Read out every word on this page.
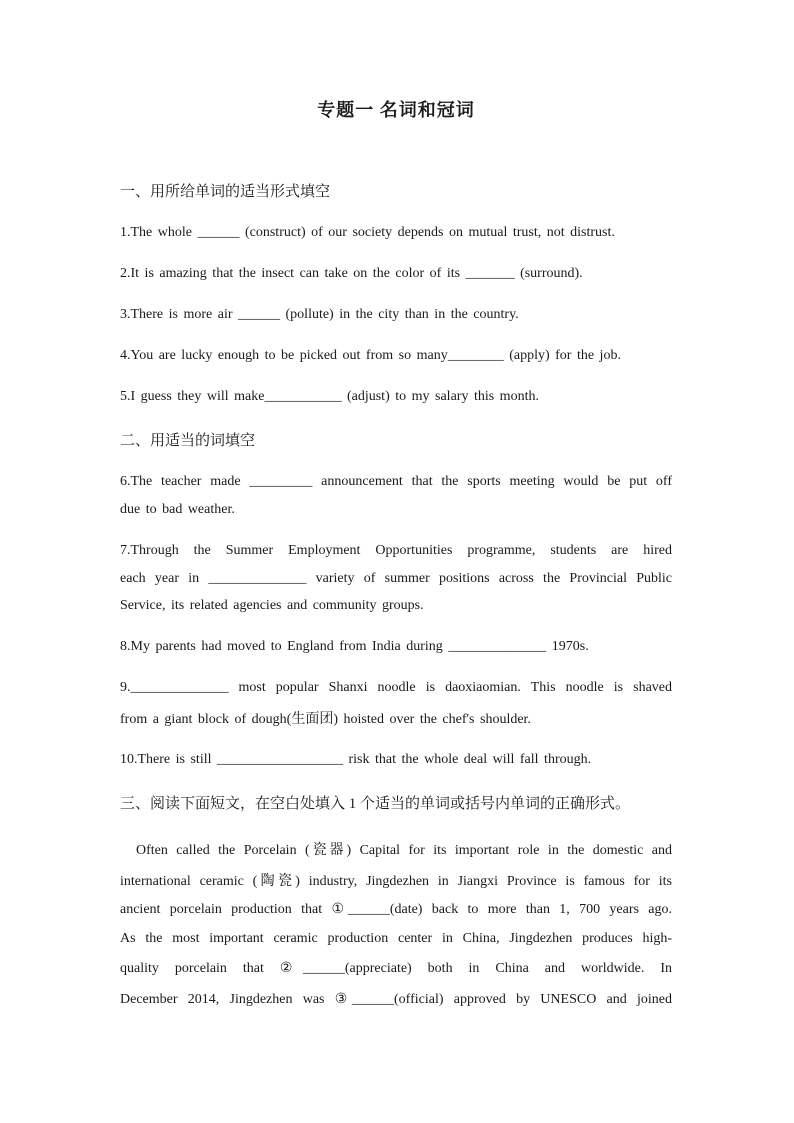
专题一 名词和冠词
一、用所给单词的适当形式填空
1.The whole ______ (construct) of our society depends on mutual trust, not distrust.
2.It is amazing that the insect can take on the color of its _______ (surround).
3.There is more air ______ (pollute) in the city than in the country.
4.You are lucky enough to be picked out from so many________ (apply) for the job.
5.I guess they will make___________ (adjust) to my salary this month.
二、用适当的词填空
6.The teacher made _________ announcement that the sports meeting would be put off
due to bad weather.
7.Through the Summer Employment Opportunities programme, students are hired
each year in ______________ variety of summer positions across the Provincial Public
Service, its related agencies and community groups.
8.My parents had moved to England from India during ______________ 1970s.
9.______________ most popular Shanxi noodle is daoxiaomian. This noodle is shaved
from a giant block of dough(生面团) hoisted over the chef's shoulder.
10.There is still __________________ risk that the whole deal will fall through.
三、阅读下面短文，在空白处填入 1 个适当的单词或括号内单词的正确形式。
Often called the Porcelain (瓷器) Capital for its important role in the domestic and
international ceramic (陶瓷) industry, Jingdezhen in Jiangxi Province is famous for its
ancient porcelain production that ①______(date) back to more than 1, 700 years ago.
As the most important ceramic production center in China, Jingdezhen produces high-
quality porcelain that ②______(appreciate) both in China and worldwide. In
December 2014, Jingdezhen was ③______(official) approved by UNESCO and joined
